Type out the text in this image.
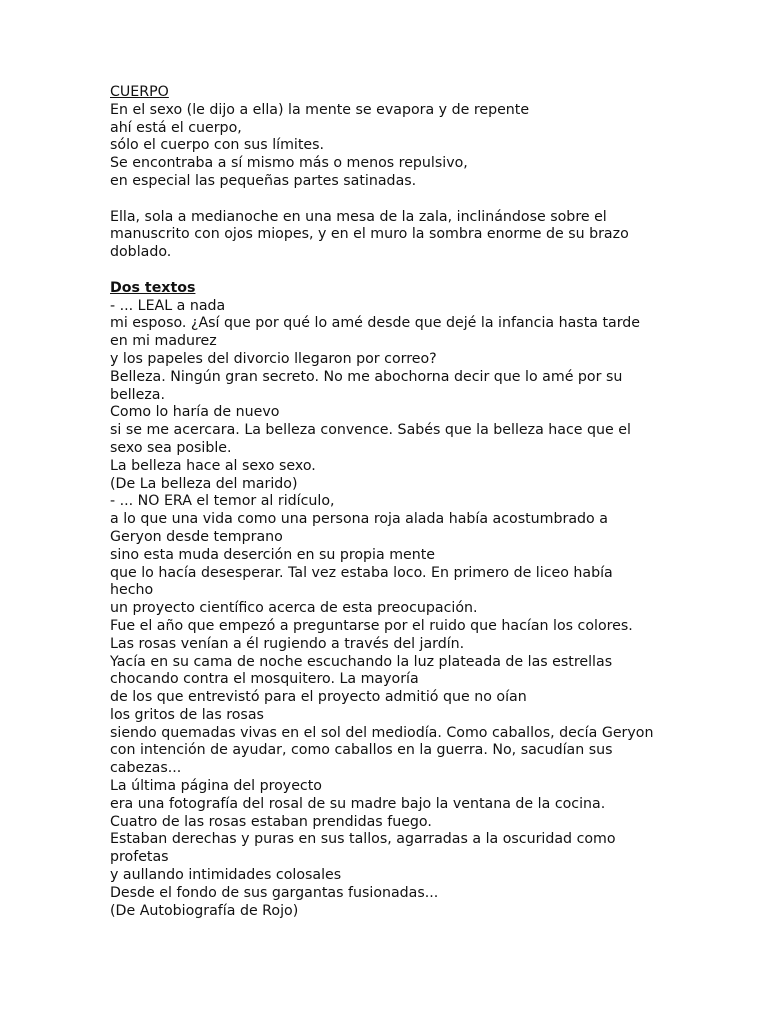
CUERPO
En el sexo (le dijo a ella) la mente se evapora y de repente
ahí está el cuerpo,
sólo el cuerpo con sus límites.
Se encontraba a sí mismo más o menos repulsivo,
en especial las pequeñas partes satinadas.
Ella, sola a medianoche en una mesa de la zala, inclinándose sobre el
manuscrito con ojos miopes, y en el muro la sombra enorme de su brazo
doblado.
Dos textos
- ... LEAL a nada
mi esposo. ¿Así que por qué lo amé desde que dejé la infancia hasta tarde
en mi madurez
y los papeles del divorcio llegaron por correo?
Belleza. Ningún gran secreto. No me abochorna decir que lo amé por su
belleza.
Como lo haría de nuevo
si se me acercara. La belleza convence. Sabés que la belleza hace que el
sexo sea posible.
La belleza hace al sexo sexo.
(De La belleza del marido)
- ... NO ERA el temor al ridículo,
a lo que una vida como una persona roja alada había acostumbrado a
Geryon desde temprano
sino esta muda deserción en su propia mente
que lo hacía desesperar. Tal vez estaba loco. En primero de liceo había
hecho
un proyecto científico acerca de esta preocupación.
Fue el año que empezó a preguntarse por el ruido que hacían los colores.
Las rosas venían a él rugiendo a través del jardín.
Yacía en su cama de noche escuchando la luz plateada de las estrellas
chocando contra el mosquitero. La mayoría
de los que entrevistó para el proyecto admitió que no oían
los gritos de las rosas
siendo quemadas vivas en el sol del mediodía. Como caballos, decía Geryon
con intención de ayudar, como caballos en la guerra. No, sacudían sus
cabezas...
La última página del proyecto
era una fotografía del rosal de su madre bajo la ventana de la cocina.
Cuatro de las rosas estaban prendidas fuego.
Estaban derechas y puras en sus tallos, agarradas a la oscuridad como
profetas
y aullando intimidades colosales
Desde el fondo de sus gargantas fusionadas...
(De Autobiografía de Rojo)
